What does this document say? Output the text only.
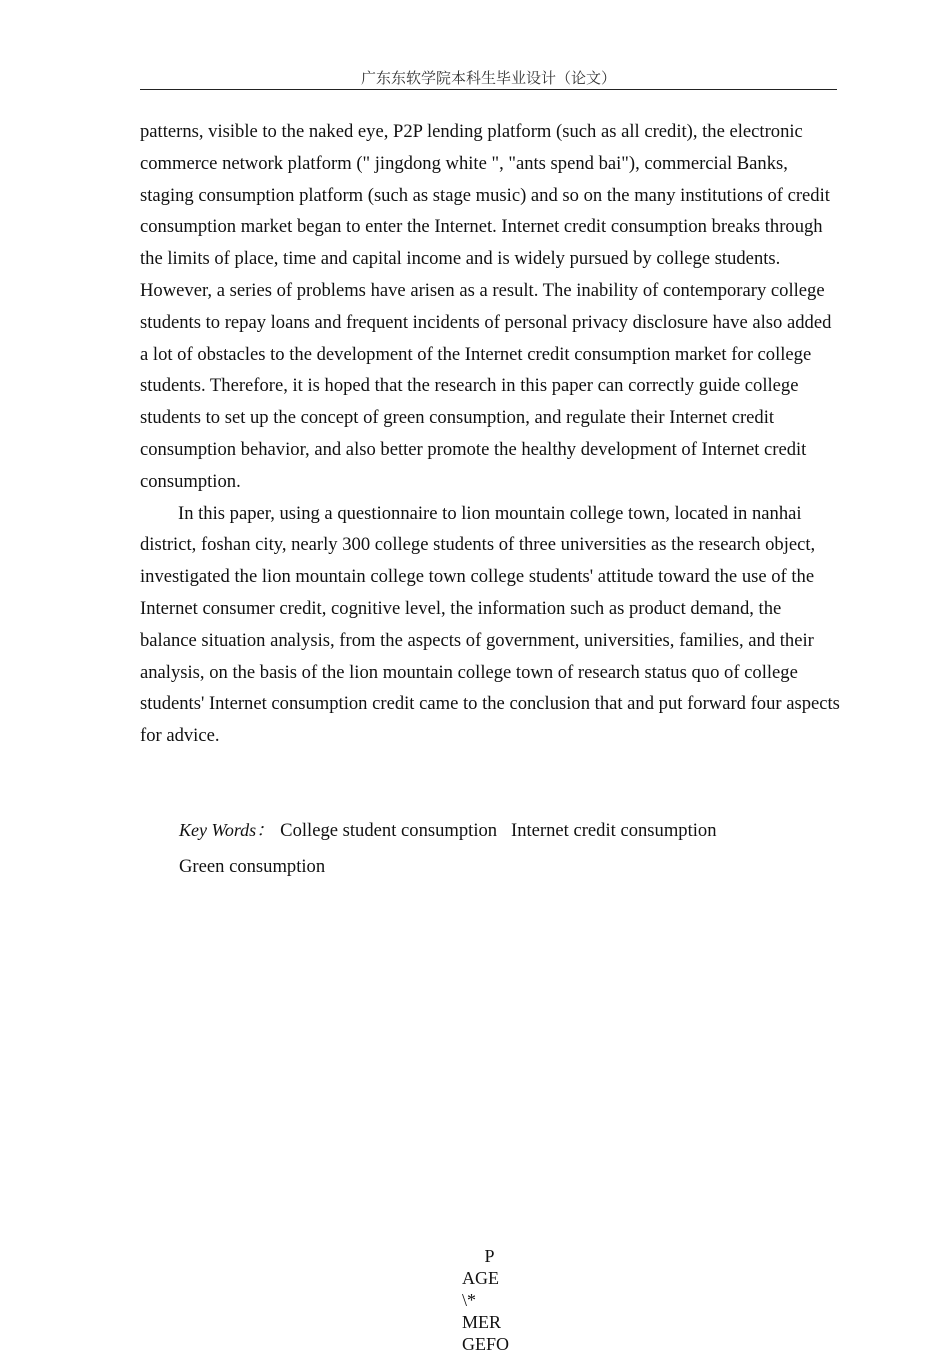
广东东软学院本科生毕业设计（论文）

patterns, visible to the naked eye, P2P lending platform (such as all credit), the electronic commerce network platform (" jingdong white ", "ants spend bai"), commercial Banks, staging consumption platform (such as stage music) and so on the many institutions of credit consumption market began to enter the Internet. Internet credit consumption breaks through the limits of place, time and capital income and is widely pursued by college students. However, a series of problems have arisen as a result. The inability of contemporary college students to repay loans and frequent incidents of personal privacy disclosure have also added a lot of obstacles to the development of the Internet credit consumption market for college students. Therefore, it is hoped that the research in this paper can correctly guide college students to set up the concept of green consumption, and regulate their Internet credit consumption behavior, and also better promote the healthy development of Internet credit consumption.

In this paper, using a questionnaire to lion mountain college town, located in nanhai district, foshan city, nearly 300 college students of three universities as the research object, investigated the lion mountain college town college students' attitude toward the use of the Internet consumer credit, cognitive level, the information such as product demand, the balance situation analysis, from the aspects of government, universities, families, and their analysis, on the basis of the lion mountain college town of research status quo of college students' Internet consumption credit came to the conclusion that and put forward four aspects for advice.

Key Words： College student consumption   Internet credit consumption
Green consumption
P
AGE
\*
MER
GEFO
